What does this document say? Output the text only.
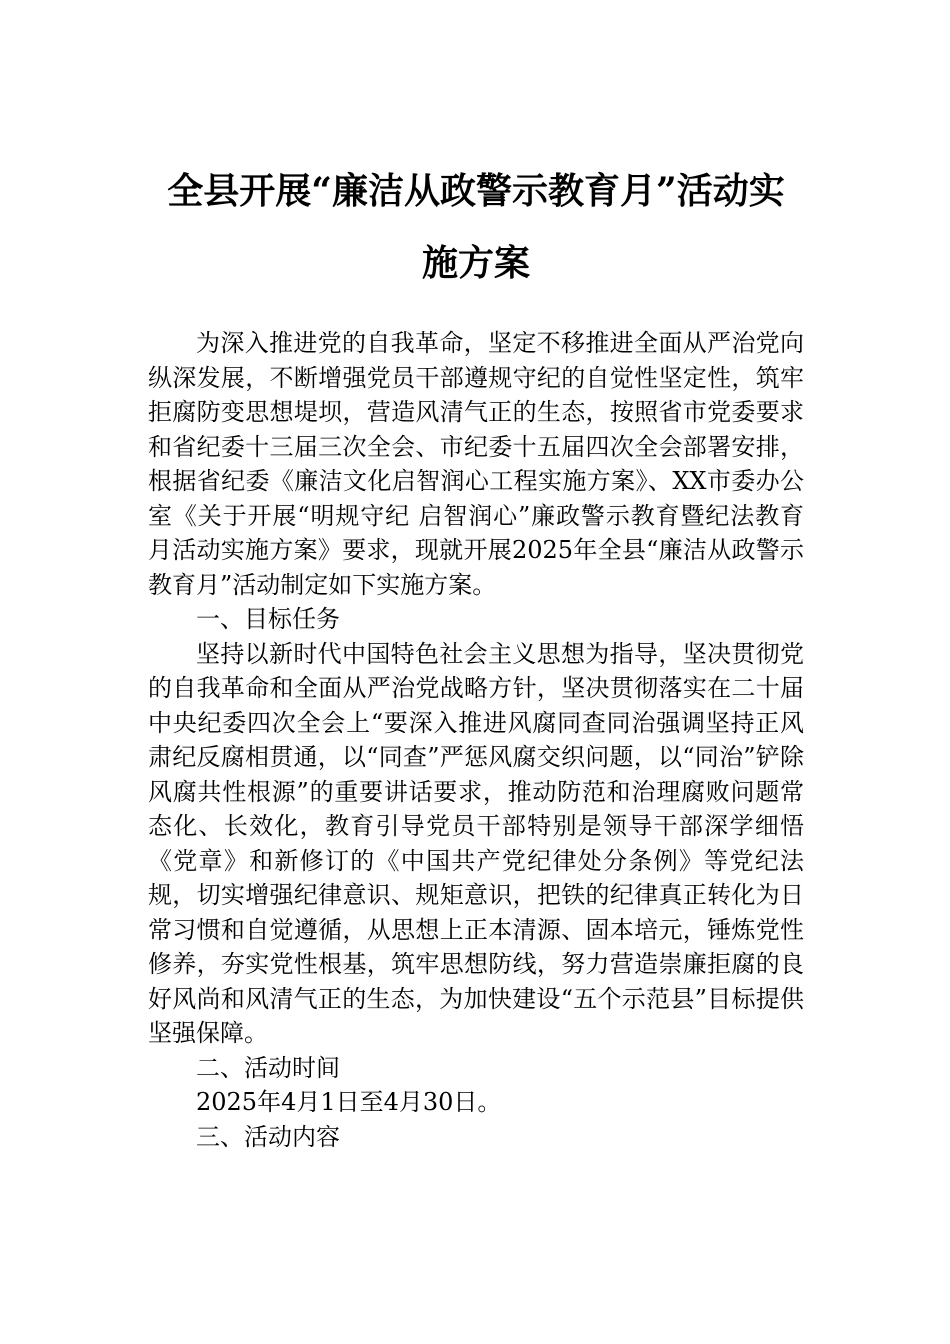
全县开展“廉洁从政警示教育月”活动实
施方案

为深入推进党的自我革命，坚定不移推进全面从严治党向纵深发展，不断增强党员干部遵规守纪的自觉性坚定性，筑牢拒腐防变思想堤坝，营造风清气正的生态，按照省市党委要求和省纪委十三届三次全会、市纪委十五届四次全会部署安排，根据省纪委《廉洁文化启智润心工程实施方案》、XX市委办公室《关于开展“明规守纪 启智润心”廉政警示教育暨纪法教育月活动实施方案》要求，现就开展2025年全县“廉洁从政警示教育月”活动制定如下实施方案。

一、目标任务

坚持以新时代中国特色社会主义思想为指导，坚决贯彻党的自我革命和全面从严治党战略方针，坚决贯彻落实在二十届中央纪委四次全会上“要深入推进风腐同查同治强调坚持正风肃纪反腐相贯通，以“同查”严惩风腐交织问题，以“同治”铲除风腐共性根源”的重要讲话要求，推动防范和治理腐败问题常态化、长效化，教育引导党员干部特别是领导干部深学细悟《党章》和新修订的《中国共产党纪律处分条例》等党纪法规，切实增强纪律意识、规矩意识，把铁的纪律真正转化为日常习惯和自觉遵循，从思想上正本清源、固本培元，锤炼党性修养，夯实党性根基，筑牢思想防线，努力营造崇廉拒腐的良好风尚和风清气正的生态，为加快建设“五个示范县”目标提供坚强保障。

二、活动时间

2025年4月1日至4月30日。

三、活动内容
